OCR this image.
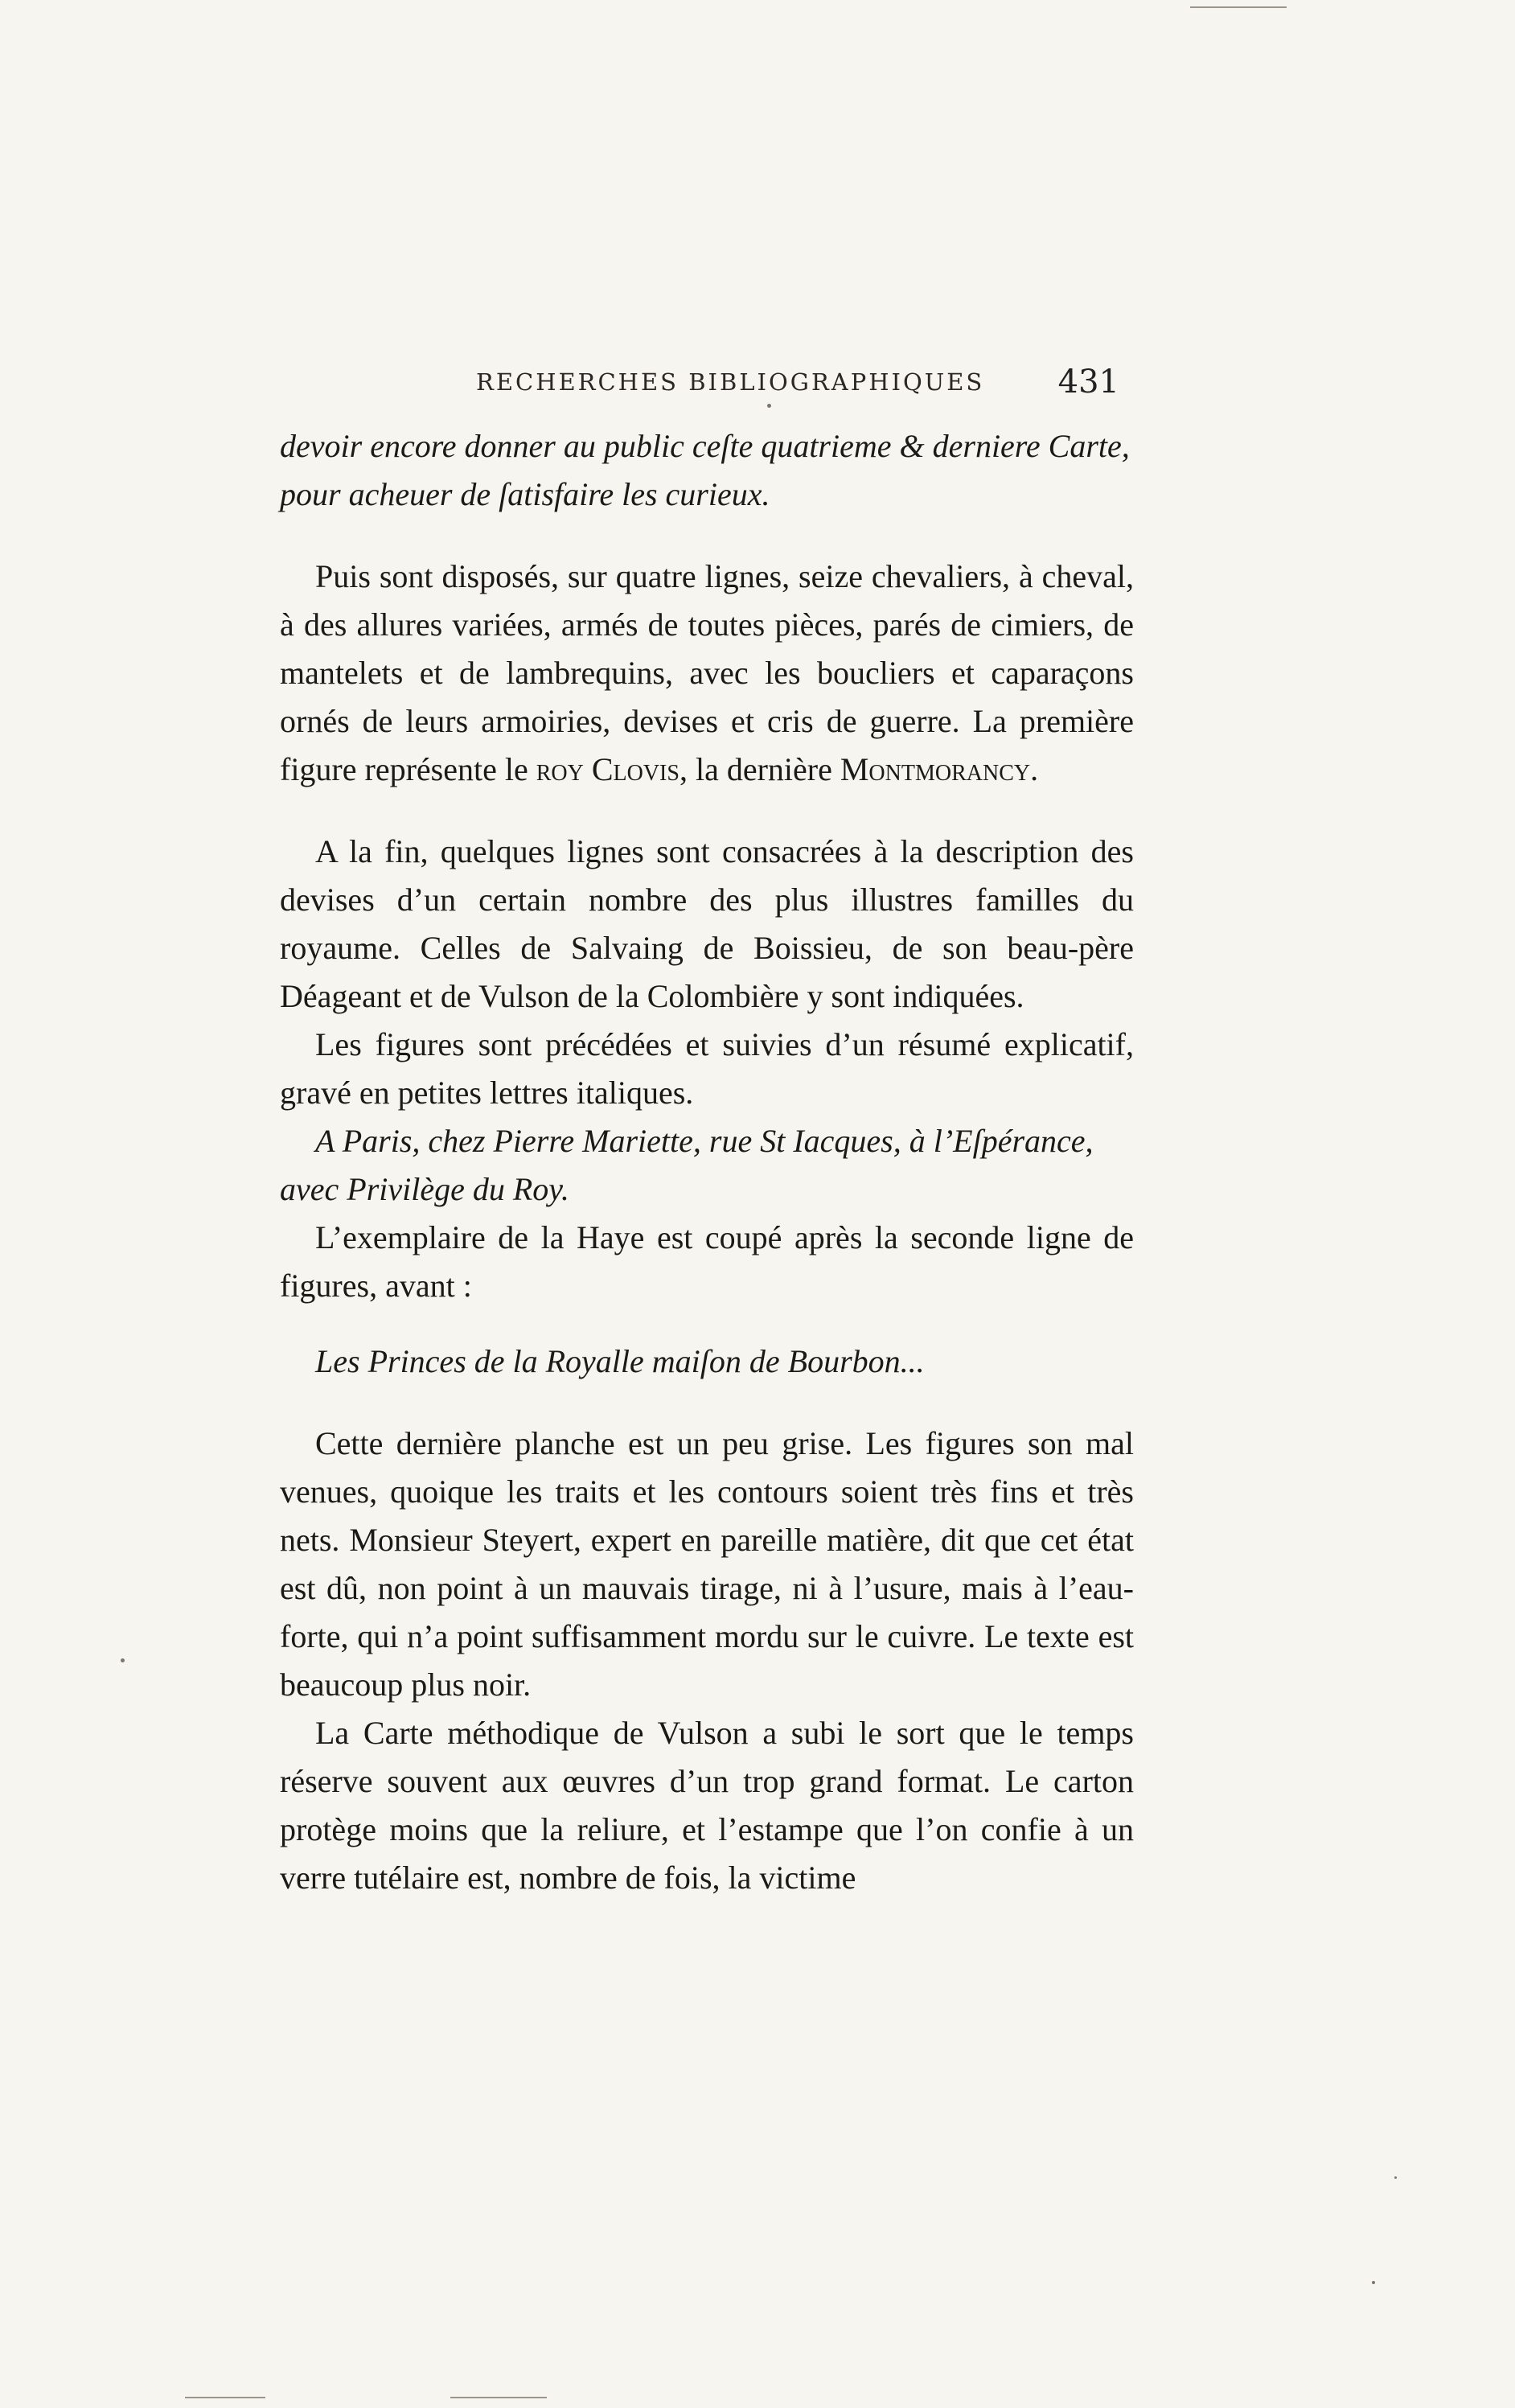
RECHERCHES BIBLIOGRAPHIQUES 431

devoir encore donner au public ceſte quatrieme & derniere Carte,
pour acheuer de ſatisfaire les curieux.

Puis sont disposés, sur quatre lignes, seize chevaliers, à cheval, à des allures variées, armés de toutes pièces, parés de cimiers, de mantelets et de lambrequins, avec les boucliers et caparaçons ornés de leurs armoiries, devises et cris de guerre. La première figure représente le roy Clovis, la dernière Montmorancy.

A la fin, quelques lignes sont consacrées à la description des devises d’un certain nombre des plus illustres familles du royaume. Celles de Salvaing de Boissieu, de son beau-père Déageant et de Vulson de la Colombière y sont indiquées.

Les figures sont précédées et suivies d’un résumé explicatif, gravé en petites lettres italiques.

A Paris, chez Pierre Mariette, rue St Iacques, à l’Eſpérance,
avec Privilège du Roy.

L’exemplaire de la Haye est coupé après la seconde ligne de figures, avant :

Les Princes de la Royalle maiſon de Bourbon...

Cette dernière planche est un peu grise. Les figures son mal venues, quoique les traits et les contours soient très fins et très nets. Monsieur Steyert, expert en pareille matière, dit que cet état est dû, non point à un mauvais tirage, ni à l’usure, mais à l’eau-forte, qui n’a point suffisamment mordu sur le cuivre. Le texte est beaucoup plus noir.

La Carte méthodique de Vulson a subi le sort que le temps réserve souvent aux œuvres d’un trop grand format. Le carton protège moins que la reliure, et l’estampe que l’on confie à un verre tutélaire est, nombre de fois, la victime
